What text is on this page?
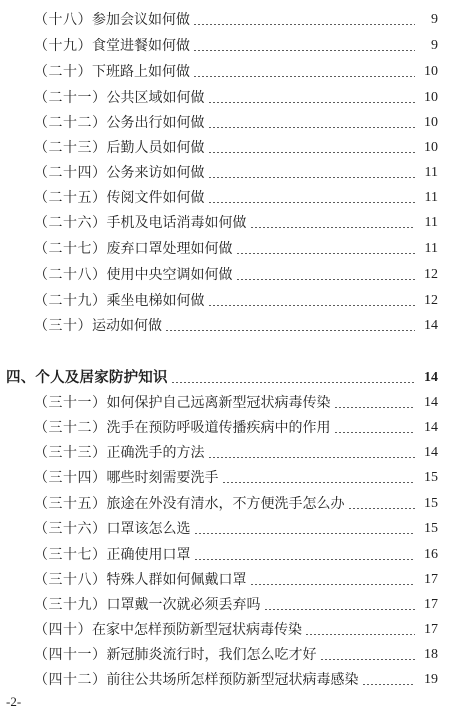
（十八） 参加会议如何做	9
（十九） 食堂进餐如何做	9
（二十） 下班路上如何做	10
（二十一） 公共区域如何做	10
（二十二） 公务出行如何做	10
（二十三） 后勤人员如何做	10
（二十四） 公务来访如何做	11
（二十五） 传阅文件如何做	11
（二十六） 手机及电话消毒如何做	11
（二十七） 废弃口罩处理如何做	11
（二十八） 使用中央空调如何做	12
（二十九） 乘坐电梯如何做	12
（三十） 运动如何做	14
四、个人及居家防护知识	14
（三十一） 如何保护自己远离新型冠状病毒传染	14
（三十二） 洗手在预防呼吸道传播疾病中的作用	14
（三十三） 正确洗手的方法	14
（三十四） 哪些时刻需要洗手	15
（三十五） 旅途在外没有清水，不方便洗手怎么办	15
（三十六） 口罩该怎么选	15
（三十七） 正确使用口罩	16
（三十八） 特殊人群如何佩戴口罩	17
（三十九） 口罩戴一次就必须丢弃吗	17
（四十） 在家中怎样预防新型冠状病毒传染	17
（四十一） 新冠肺炎流行时，我们怎么吃才好	18
（四十二） 前往公共场所怎样预防新型冠状病毒感染	19
-2-
